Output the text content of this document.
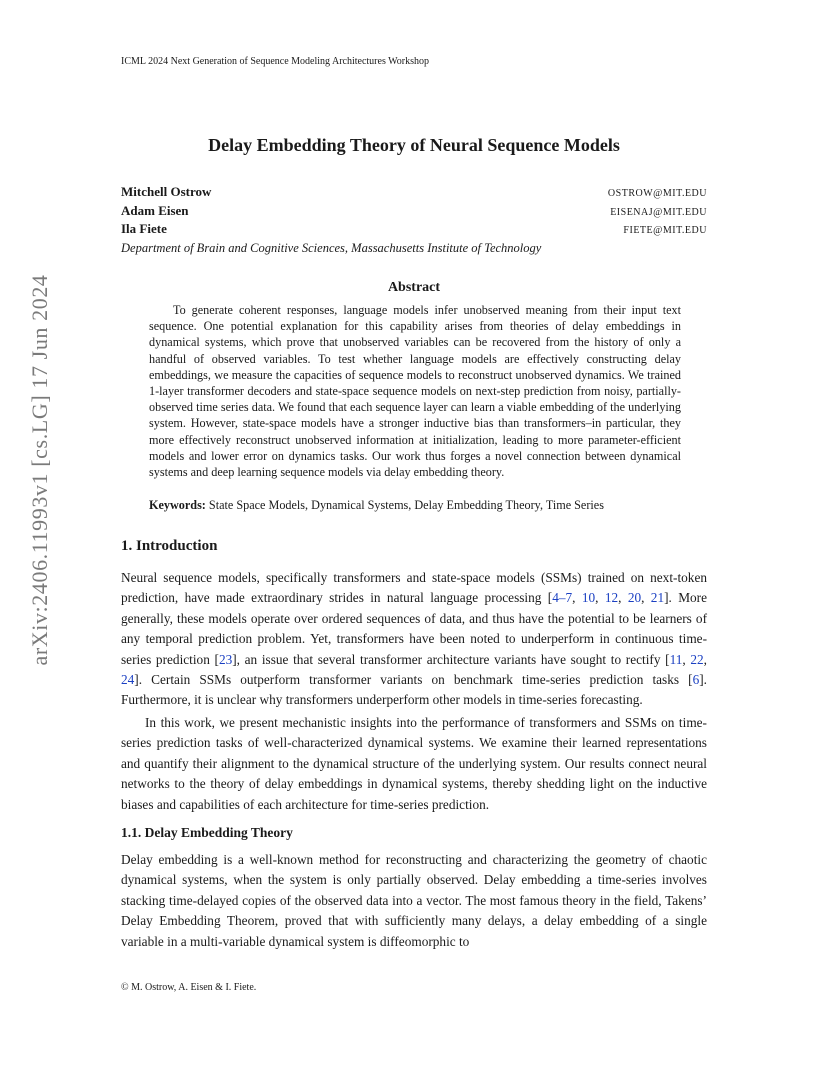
ICML 2024 Next Generation of Sequence Modeling Architectures Workshop
Delay Embedding Theory of Neural Sequence Models
Mitchell Ostrow	OSTROW@MIT.EDU
Adam Eisen	EISENAJ@MIT.EDU
Ila Fiete	FIETE@MIT.EDU
Department of Brain and Cognitive Sciences, Massachusetts Institute of Technology
Abstract

To generate coherent responses, language models infer unobserved meaning from their input text sequence. One potential explanation for this capability arises from theories of delay embeddings in dynamical systems, which prove that unobserved variables can be recovered from the history of only a handful of observed variables. To test whether language models are effectively constructing delay embeddings, we measure the capacities of sequence models to reconstruct unobserved dynamics. We trained 1-layer transformer decoders and state-space sequence models on next-step prediction from noisy, partially-observed time series data. We found that each sequence layer can learn a viable embedding of the underlying system. However, state-space models have a stronger inductive bias than transformers–in particular, they more effectively reconstruct unobserved information at initialization, leading to more parameter-efficient models and lower error on dynamics tasks. Our work thus forges a novel connection between dynamical systems and deep learning sequence models via delay embedding theory.

Keywords: State Space Models, Dynamical Systems, Delay Embedding Theory, Time Series
1. Introduction

Neural sequence models, specifically transformers and state-space models (SSMs) trained on next-token prediction, have made extraordinary strides in natural language processing [4–7, 10, 12, 20, 21]. More generally, these models operate over ordered sequences of data, and thus have the potential to be learners of any temporal prediction problem. Yet, transformers have been noted to underperform in continuous time-series prediction [23], an issue that several transformer architecture variants have sought to rectify [11, 22, 24]. Certain SSMs outperform transformer variants on benchmark time-series prediction tasks [6]. Furthermore, it is unclear why transformers underperform other models in time-series forecasting.

In this work, we present mechanistic insights into the performance of transformers and SSMs on time-series prediction tasks of well-characterized dynamical systems. We examine their learned representations and quantify their alignment to the dynamical structure of the underlying system. Our results connect neural networks to the theory of delay embeddings in dynamical systems, thereby shedding light on the inductive biases and capabilities of each architecture for time-series prediction.

1.1. Delay Embedding Theory

Delay embedding is a well-known method for reconstructing and characterizing the geometry of chaotic dynamical systems, when the system is only partially observed. Delay embedding a time-series involves stacking time-delayed copies of the observed data into a vector. The most famous theory in the field, Takens’ Delay Embedding Theorem, proved that with sufficiently many delays, a delay embedding of a single variable in a multi-variable dynamical system is diffeomorphic to

© M. Ostrow, A. Eisen & I. Fiete.
arXiv:2406.11993v1 [cs.LG] 17 Jun 2024
